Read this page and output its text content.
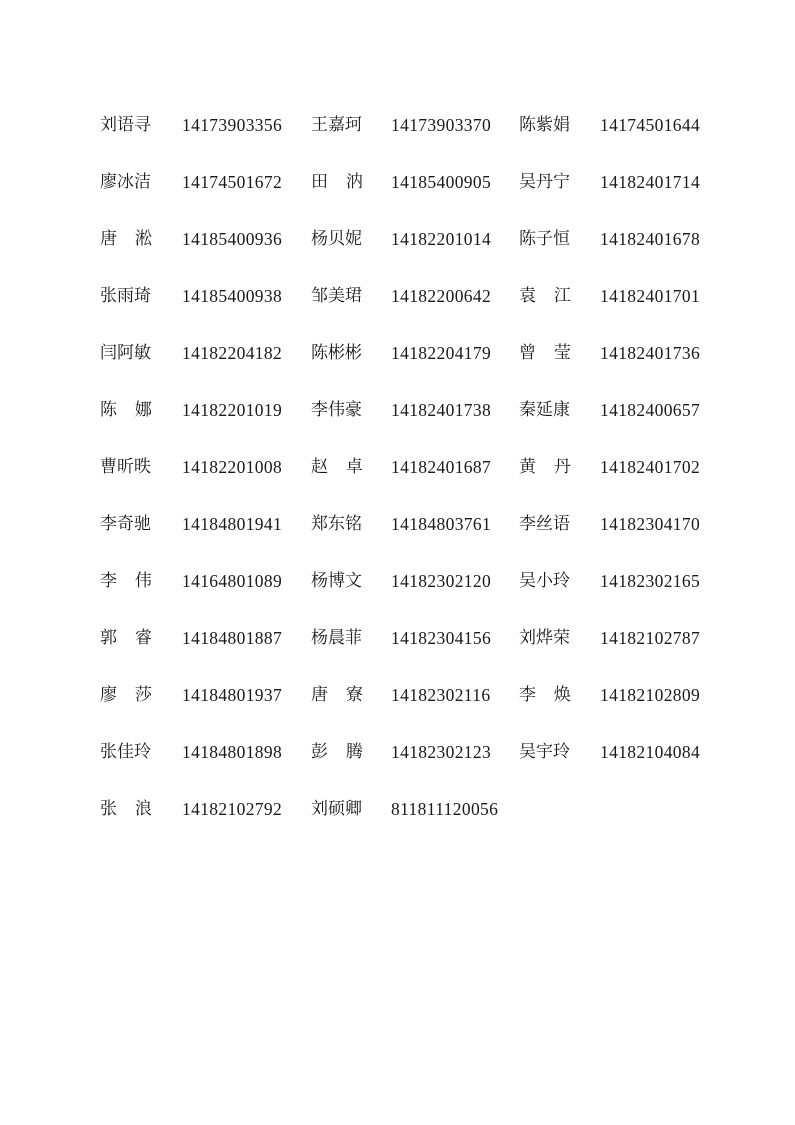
刘语寻	14173903356 王嘉珂	14173903370 陈紫娟	14174501644
廖冰洁	14174501672 田汭 14185400905 吴丹宁	14182401714
唐淞 14185400936 杨贝妮	14182201014 陈子恒	14182401678
张雨琦	14185400938 邹美珺	14182200642 袁江 14182401701
闫阿敏	14182204182 陈彬彬	14182204179 曾莹 14182401736
陈娜 14182201019 李伟豪	14182401738 秦延康	14182400657
曹昕昳	14182201008 赵卓 14182401687 黄丹 14182401702
李奇驰	14184801941 郑东铭	14184803761 李丝语	14182304170
李伟 14164801089 杨博文	14182302120 吴小玲	14182302165
郭睿 14184801887 杨晨菲	14182304156 刘烨荣	14182102787
廖莎 14184801937 唐寮 14182302116 李焕 14182102809
张佳玲	14184801898 彭腾 14182302123 吴宇玲	14182104084
张浪 14182102792 刘硕卿	811811120056
